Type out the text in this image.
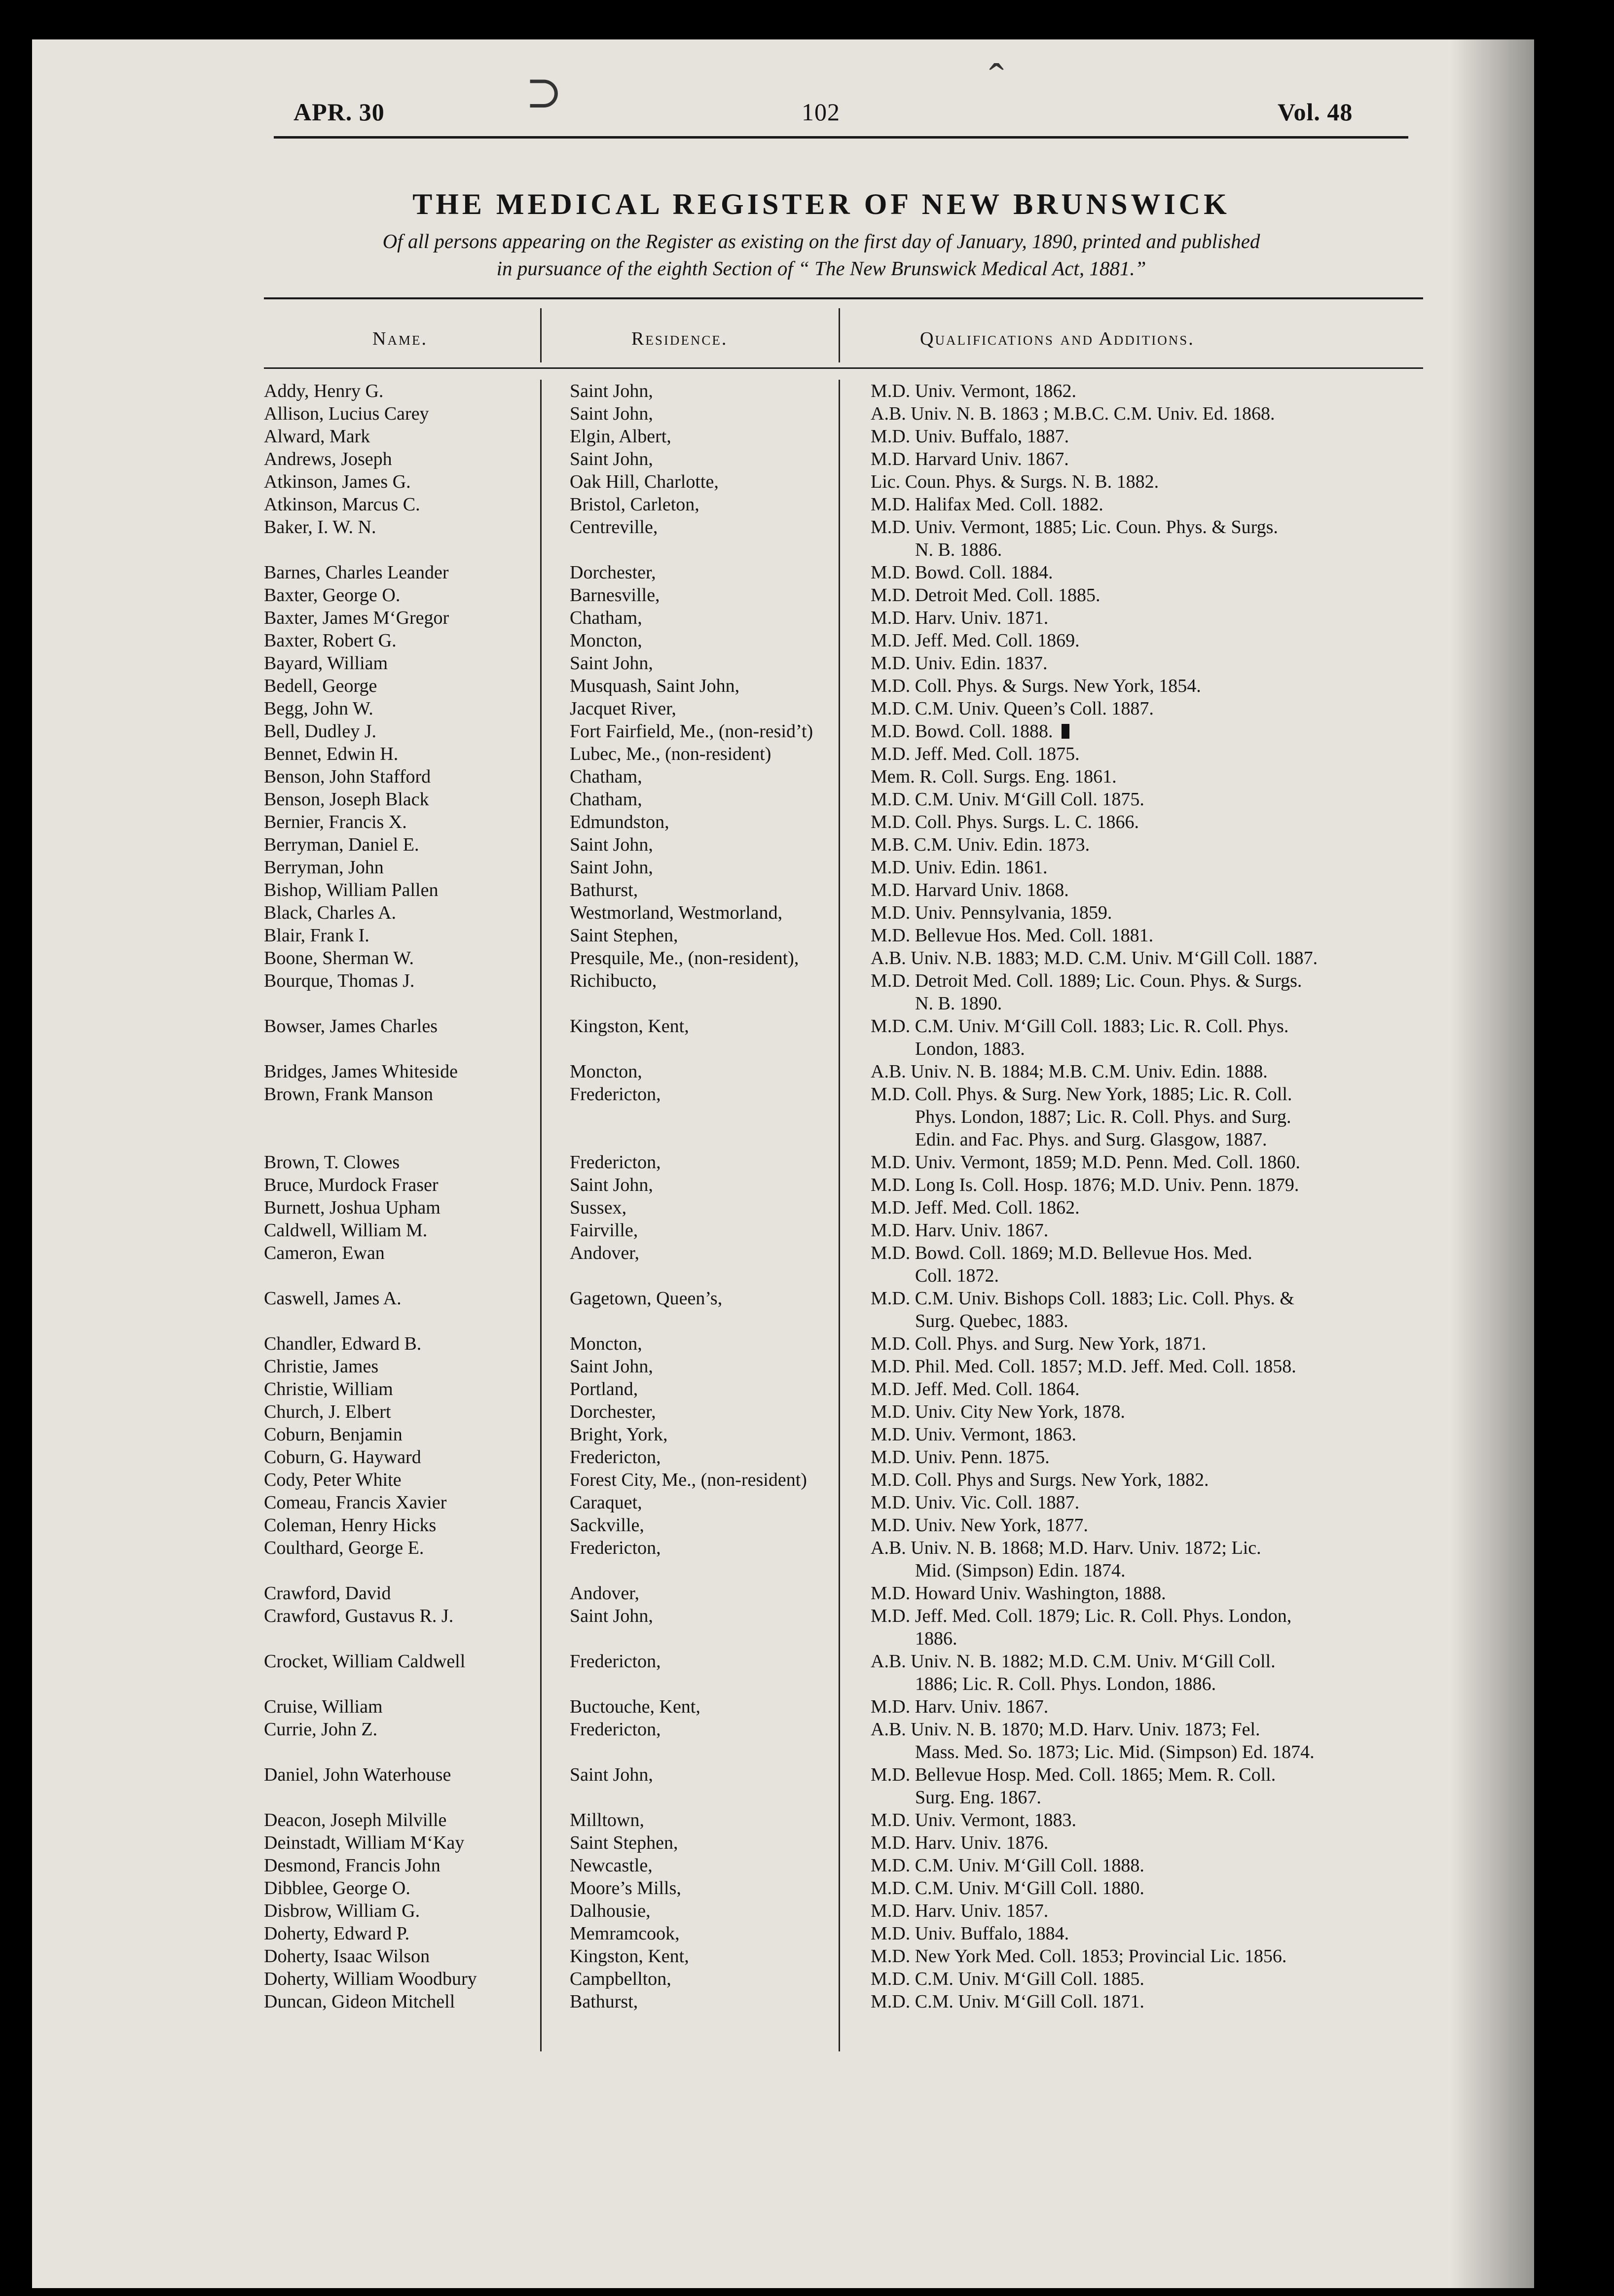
APR. 30	102	Vol. 48
⊃	ˆ
THE MEDICAL REGISTER OF NEW BRUNSWICK
Of all persons appearing on the Register as existing on the first day of January, 1890, printed and published
in pursuance of the eighth Section of “ The New Brunswick Medical Act, 1881.”
Name.	Residence.	Qualifications and Additions.
Addy, Henry G.	Saint John,	M.D. Univ. Vermont, 1862.
Allison, Lucius Carey	Saint John,	A.B. Univ. N. B. 1863 ; M.B.C. C.M. Univ. Ed. 1868.
Alward, Mark	Elgin, Albert,	M.D. Univ. Buffalo, 1887.
Andrews, Joseph	Saint John,	M.D. Harvard Univ. 1867.
Atkinson, James G.	Oak Hill, Charlotte,	Lic. Coun. Phys. & Surgs. N. B. 1882.
Atkinson, Marcus C.	Bristol, Carleton,	M.D. Halifax Med. Coll. 1882.
Baker, I. W. N.	Centreville,	M.D. Univ. Vermont, 1885; Lic. Coun. Phys. & Surgs.
N. B. 1886.
Barnes, Charles Leander	Dorchester,	M.D. Bowd. Coll. 1884.
Baxter, George O.	Barnesville,	M.D. Detroit Med. Coll. 1885.
Baxter, James M‘Gregor	Chatham,	M.D. Harv. Univ. 1871.
Baxter, Robert G.	Moncton,	M.D. Jeff. Med. Coll. 1869.
Bayard, William	Saint John,	M.D. Univ. Edin. 1837.
Bedell, George	Musquash, Saint John,	M.D. Coll. Phys. & Surgs. New York, 1854.
Begg, John W.	Jacquet River,	M.D. C.M. Univ. Queen’s Coll. 1887.
Bell, Dudley J.	Fort Fairfield, Me., (non-resid’t)	M.D. Bowd. Coll. 1888.
Bennet, Edwin H.	Lubec, Me., (non-resident)	M.D. Jeff. Med. Coll. 1875.
Benson, John Stafford	Chatham,	Mem. R. Coll. Surgs. Eng. 1861.
Benson, Joseph Black	Chatham,	M.D. C.M. Univ. M‘Gill Coll. 1875.
Bernier, Francis X.	Edmundston,	M.D. Coll. Phys. Surgs. L. C. 1866.
Berryman, Daniel E.	Saint John,	M.B. C.M. Univ. Edin. 1873.
Berryman, John	Saint John,	M.D. Univ. Edin. 1861.
Bishop, William Pallen	Bathurst,	M.D. Harvard Univ. 1868.
Black, Charles A.	Westmorland, Westmorland,	M.D. Univ. Pennsylvania, 1859.
Blair, Frank I.	Saint Stephen,	M.D. Bellevue Hos. Med. Coll. 1881.
Boone, Sherman W.	Presquile, Me., (non-resident),	A.B. Univ. N.B. 1883; M.D. C.M. Univ. M‘Gill Coll. 1887.
Bourque, Thomas J.	Richibucto,	M.D. Detroit Med. Coll. 1889; Lic. Coun. Phys. & Surgs.
N. B. 1890.
Bowser, James Charles	Kingston, Kent,	M.D. C.M. Univ. M‘Gill Coll. 1883; Lic. R. Coll. Phys.
London, 1883.
Bridges, James Whiteside	Moncton,	A.B. Univ. N. B. 1884; M.B. C.M. Univ. Edin. 1888.
Brown, Frank Manson	Fredericton,	M.D. Coll. Phys. & Surg. New York, 1885; Lic. R. Coll.
Phys. London, 1887; Lic. R. Coll. Phys. and Surg.
Edin. and Fac. Phys. and Surg. Glasgow, 1887.
Brown, T. Clowes	Fredericton,	M.D. Univ. Vermont, 1859; M.D. Penn. Med. Coll. 1860.
Bruce, Murdock Fraser	Saint John,	M.D. Long Is. Coll. Hosp. 1876; M.D. Univ. Penn. 1879.
Burnett, Joshua Upham	Sussex,	M.D. Jeff. Med. Coll. 1862.
Caldwell, William M.	Fairville,	M.D. Harv. Univ. 1867.
Cameron, Ewan	Andover,	M.D. Bowd. Coll. 1869; M.D. Bellevue Hos. Med.
Coll. 1872.
Caswell, James A.	Gagetown, Queen’s,	M.D. C.M. Univ. Bishops Coll. 1883; Lic. Coll. Phys. &
Surg. Quebec, 1883.
Chandler, Edward B.	Moncton,	M.D. Coll. Phys. and Surg. New York, 1871.
Christie, James	Saint John,	M.D. Phil. Med. Coll. 1857; M.D. Jeff. Med. Coll. 1858.
Christie, William	Portland,	M.D. Jeff. Med. Coll. 1864.
Church, J. Elbert	Dorchester,	M.D. Univ. City New York, 1878.
Coburn, Benjamin	Bright, York,	M.D. Univ. Vermont, 1863.
Coburn, G. Hayward	Fredericton,	M.D. Univ. Penn. 1875.
Cody, Peter White	Forest City, Me., (non-resident)	M.D. Coll. Phys and Surgs. New York, 1882.
Comeau, Francis Xavier	Caraquet,	M.D. Univ. Vic. Coll. 1887.
Coleman, Henry Hicks	Sackville,	M.D. Univ. New York, 1877.
Coulthard, George E.	Fredericton,	A.B. Univ. N. B. 1868; M.D. Harv. Univ. 1872; Lic.
Mid. (Simpson) Edin. 1874.
Crawford, David	Andover,	M.D. Howard Univ. Washington, 1888.
Crawford, Gustavus R. J.	Saint John,	M.D. Jeff. Med. Coll. 1879; Lic. R. Coll. Phys. London,
1886.
Crocket, William Caldwell	Fredericton,	A.B. Univ. N. B. 1882; M.D. C.M. Univ. M‘Gill Coll.
1886; Lic. R. Coll. Phys. London, 1886.
Cruise, William	Buctouche, Kent,	M.D. Harv. Univ. 1867.
Currie, John Z.	Fredericton,	A.B. Univ. N. B. 1870; M.D. Harv. Univ. 1873; Fel.
Mass. Med. So. 1873; Lic. Mid. (Simpson) Ed. 1874.
Daniel, John Waterhouse	Saint John,	M.D. Bellevue Hosp. Med. Coll. 1865; Mem. R. Coll.
Surg. Eng. 1867.
Deacon, Joseph Milville	Milltown,	M.D. Univ. Vermont, 1883.
Deinstadt, William M‘Kay	Saint Stephen,	M.D. Harv. Univ. 1876.
Desmond, Francis John	Newcastle,	M.D. C.M. Univ. M‘Gill Coll. 1888.
Dibblee, George O.	Moore’s Mills,	M.D. C.M. Univ. M‘Gill Coll. 1880.
Disbrow, William G.	Dalhousie,	M.D. Harv. Univ. 1857.
Doherty, Edward P.	Memramcook,	M.D. Univ. Buffalo, 1884.
Doherty, Isaac Wilson	Kingston, Kent,	M.D. New York Med. Coll. 1853; Provincial Lic. 1856.
Doherty, William Woodbury	Campbellton,	M.D. C.M. Univ. M‘Gill Coll. 1885.
Duncan, Gideon Mitchell	Bathurst,	M.D. C.M. Univ. M‘Gill Coll. 1871.
